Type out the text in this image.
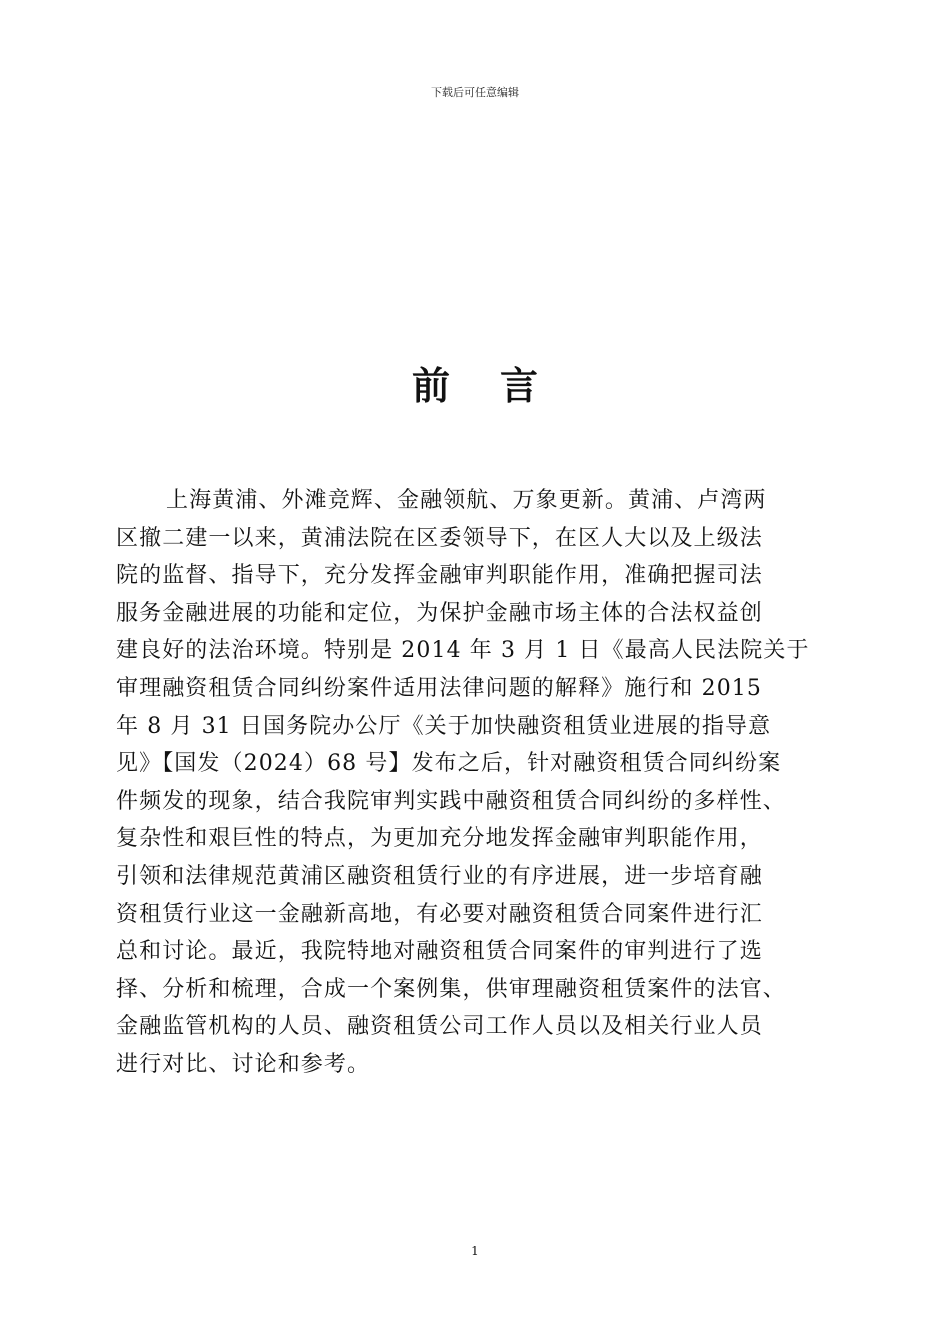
下载后可任意编辑
前言
上海黄浦、外滩竞辉、金融领航、万象更新。黄浦、卢湾两
区撤二建一以来，黄浦法院在区委领导下，在区人大以及上级法
院的监督、指导下，充分发挥金融审判职能作用，准确把握司法
服务金融进展的功能和定位，为保护金融市场主体的合法权益创
建良好的法治环境。特别是 2014 年 3 月 1 日《最高人民法院关于
审理融资租赁合同纠纷案件适用法律问题的解释》施行和 2015
年 8 月 31 日国务院办公厅《关于加快融资租赁业进展的指导意
见》【国发（2024）68 号】发布之后，针对融资租赁合同纠纷案
件频发的现象，结合我院审判实践中融资租赁合同纠纷的多样性、
复杂性和艰巨性的特点，为更加充分地发挥金融审判职能作用，
引领和法律规范黄浦区融资租赁行业的有序进展，进一步培育融
资租赁行业这一金融新高地，有必要对融资租赁合同案件进行汇
总和讨论。最近，我院特地对融资租赁合同案件的审判进行了选
择、分析和梳理，合成一个案例集，供审理融资租赁案件的法官、
金融监管机构的人员、融资租赁公司工作人员以及相关行业人员
进行对比、讨论和参考。
1
